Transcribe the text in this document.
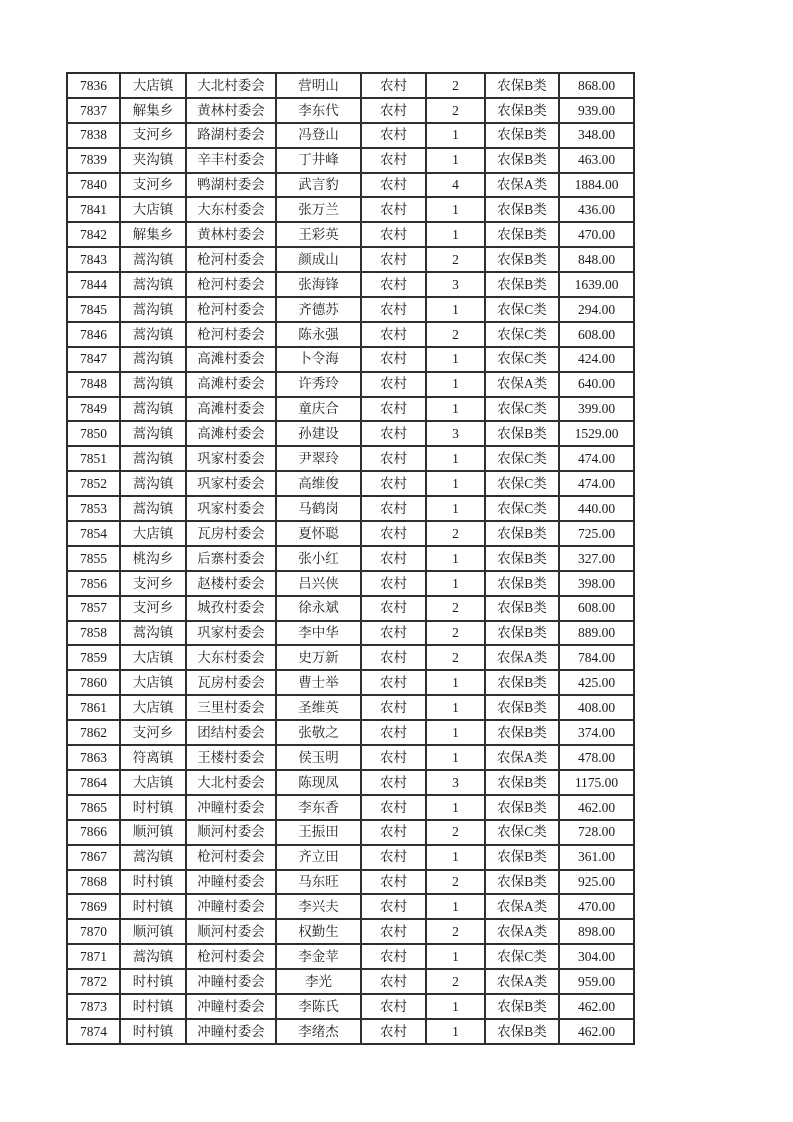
7836	大店镇	大北村委会	营明山	农村	2	农保B类	868.00
7837	解集乡	黄林村委会	李东代	农村	2	农保B类	939.00
7838	支河乡	路湖村委会	冯登山	农村	1	农保B类	348.00
7839	夹沟镇	辛丰村委会	丁井峰	农村	1	农保B类	463.00
7840	支河乡	鸭湖村委会	武言豹	农村	4	农保A类	1884.00
7841	大店镇	大东村委会	张万兰	农村	1	农保B类	436.00
7842	解集乡	黄林村委会	王彩英	农村	1	农保B类	470.00
7843	蒿沟镇	枪河村委会	颜成山	农村	2	农保B类	848.00
7844	蒿沟镇	枪河村委会	张海锋	农村	3	农保B类	1639.00
7845	蒿沟镇	枪河村委会	齐德苏	农村	1	农保C类	294.00
7846	蒿沟镇	枪河村委会	陈永强	农村	2	农保C类	608.00
7847	蒿沟镇	高滩村委会	卜令海	农村	1	农保C类	424.00
7848	蒿沟镇	高滩村委会	许秀玲	农村	1	农保A类	640.00
7849	蒿沟镇	高滩村委会	童庆合	农村	1	农保C类	399.00
7850	蒿沟镇	高滩村委会	孙建设	农村	3	农保B类	1529.00
7851	蒿沟镇	巩家村委会	尹翠玲	农村	1	农保C类	474.00
7852	蒿沟镇	巩家村委会	高维俊	农村	1	农保C类	474.00
7853	蒿沟镇	巩家村委会	马鹤岗	农村	1	农保C类	440.00
7854	大店镇	瓦房村委会	夏怀聪	农村	2	农保B类	725.00
7855	桃沟乡	后寨村委会	张小红	农村	1	农保B类	327.00
7856	支河乡	赵楼村委会	吕兴侠	农村	1	农保B类	398.00
7857	支河乡	城孜村委会	徐永斌	农村	2	农保B类	608.00
7858	蒿沟镇	巩家村委会	李中华	农村	2	农保B类	889.00
7859	大店镇	大东村委会	史万新	农村	2	农保A类	784.00
7860	大店镇	瓦房村委会	曹士举	农村	1	农保B类	425.00
7861	大店镇	三里村委会	圣维英	农村	1	农保B类	408.00
7862	支河乡	团结村委会	张敬之	农村	1	农保B类	374.00
7863	符离镇	王楼村委会	侯玉明	农村	1	农保A类	478.00
7864	大店镇	大北村委会	陈现凤	农村	3	农保B类	1175.00
7865	时村镇	冲瞳村委会	李东香	农村	1	农保B类	462.00
7866	顺河镇	顺河村委会	王振田	农村	2	农保C类	728.00
7867	蒿沟镇	枪河村委会	齐立田	农村	1	农保B类	361.00
7868	时村镇	冲瞳村委会	马东旺	农村	2	农保B类	925.00
7869	时村镇	冲瞳村委会	李兴夫	农村	1	农保A类	470.00
7870	顺河镇	顺河村委会	权勤生	农村	2	农保A类	898.00
7871	蒿沟镇	枪河村委会	李金苹	农村	1	农保C类	304.00
7872	时村镇	冲瞳村委会	李光	农村	2	农保A类	959.00
7873	时村镇	冲瞳村委会	李陈氏	农村	1	农保B类	462.00
7874	时村镇	冲瞳村委会	李绪杰	农村	1	农保B类	462.00
